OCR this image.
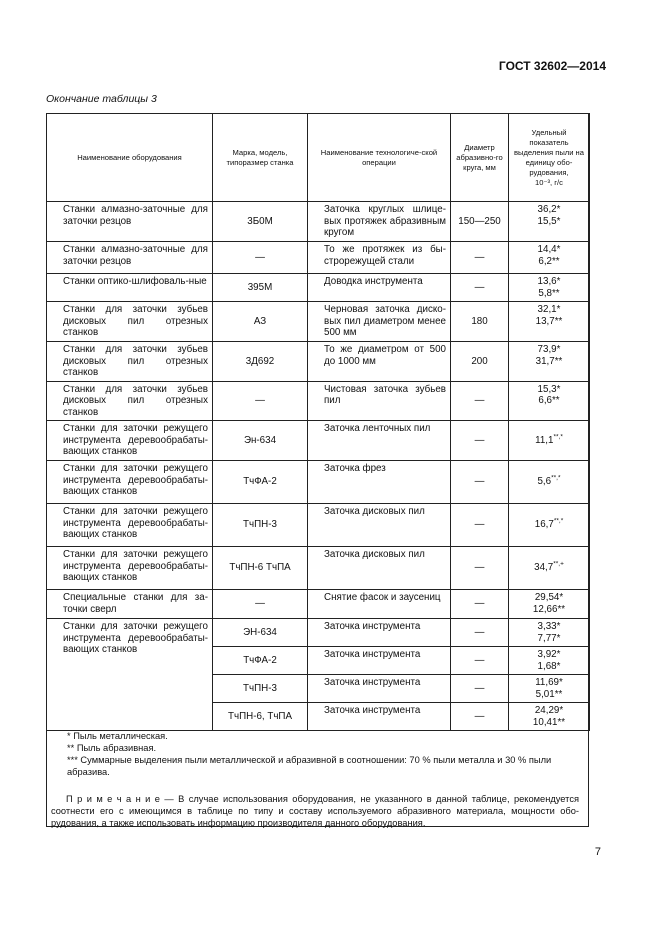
ГОСТ 32602—2014
Окончание таблицы 3
Наименование оборудования	Марка, модель, типоразмер станка	Наименование технологиче-ской операции	Диаметр абразивно-го круга, мм	Удельный показатель выделения пыли на единицу обо-рудования,
10⁻³, г/с
Станки алмазно-заточные для заточки резцов	3Б0М	Заточка круглых шлице-вых протяжек абразивным кругом	150—250	36,2*
15,5*
Станки алмазно-заточные для заточки резцов	—	То же протяжек из бы-строрежущей стали	—	14,4*
6,2**
Станки оптико-шлифоваль-ные	395М	Доводка инструмента	—	13,6*
5,8**
Станки для заточки зубьев дисковых пил отрезных станков	АЗ	Черновая заточка диско-вых пил диаметром менее 500 мм	180	32,1*
13,7**
Станки для заточки зубьев дисковых пил отрезных станков	3Д692	То же диаметром от 500 до 1000 мм	200	73,9*
31,7**
Станки для заточки зубьев дисковых пил отрезных станков	—	Чистовая заточка зубьев пил	—	15,3*
6,6**
Станки для заточки режущего инструмента деревообрабаты-вающих станков	Эн-634	Заточка ленточных пил	—	11,1**,*
Станки для заточки режущего инструмента деревообрабаты-вающих станков	ТчФА-2	Заточка фрез	—	5,6**,*
Станки для заточки режущего инструмента деревообрабаты-вающих станков	ТчПН-3	Заточка дисковых пил	—	16,7**,*
Станки для заточки режущего инструмента деревообрабаты-вающих станков	ТчПН-6 ТчПА	Заточка дисковых пил	—	34,7**,+
Специальные станки для за-точки сверл	—	Снятие фасок и заусениц	—	29,54*
12,66**
Станки для заточки режущего инструмента деревообрабаты-вающих станков	ЭН-634	Заточка инструмента	—	3,33*
7,77*
	ТчФА-2	Заточка инструмента	—	3,92*
1,68*
	ТчПН-3	Заточка инструмента	—	11,69*
5,01**
	ТчПН-6, ТчПА	Заточка инструмента	—	24,29*
10,41**

* Пыль металлическая.

** Пыль абразивная.

*** Суммарные выделения пыли металлической и абразивной в соотношении: 70 % пыли металла и 30 % пыли абразива.

П р и м е ч а н и е — В случае использования оборудования, не указанного в данной таблице, рекомендуется соотнести его с имеющимся в таблице по типу и составу используемого абразивного материала, мощности обо-рудования, а также использовать информацию производителя данного оборудования.

7
